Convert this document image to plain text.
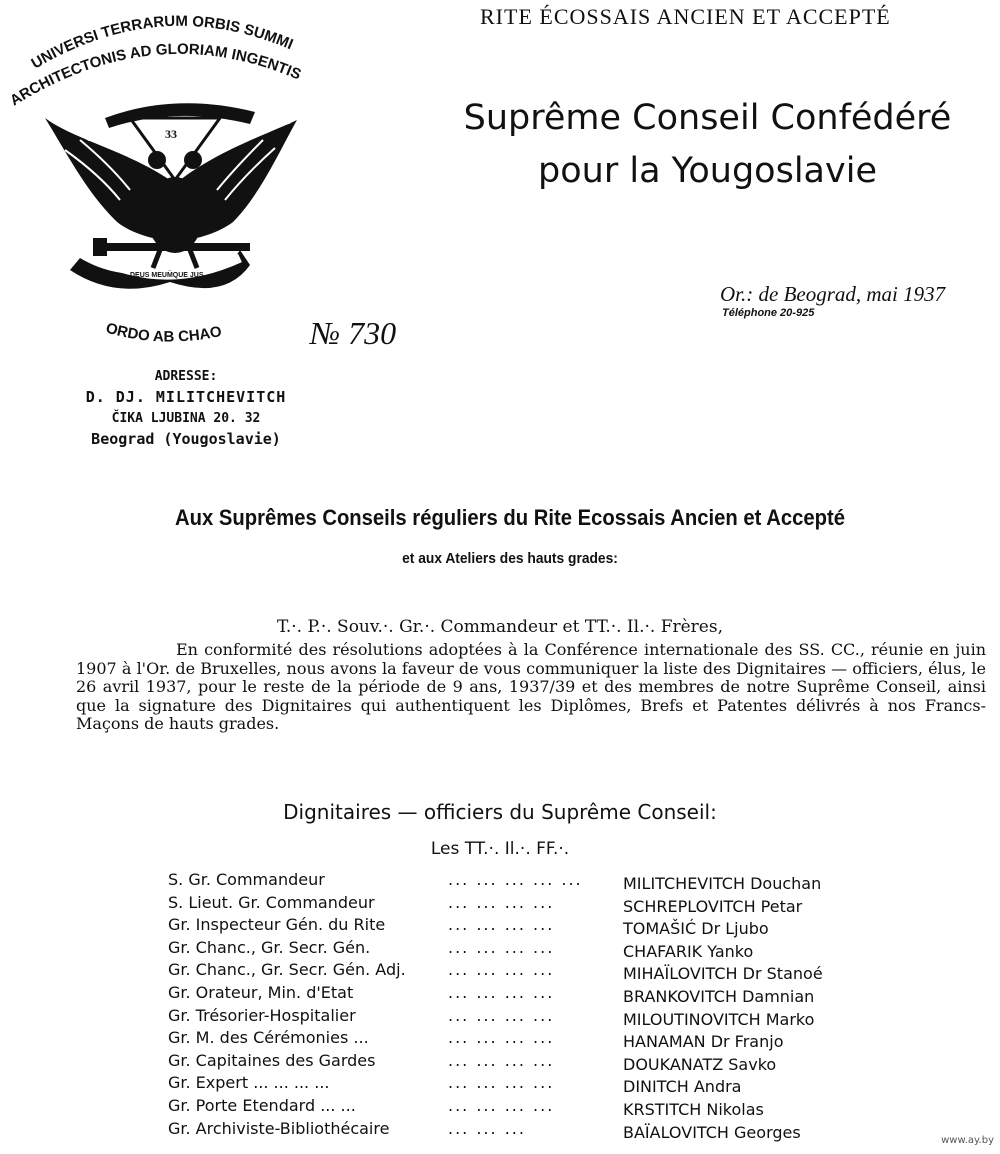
UNIVERSI TERRARUM ORBIS SUMMI
ARCHITECTONIS AD GLORIAM INGENTIS
33
DEUS MEUMQUE JUS
ORDO AB CHAO
RITE ÉCOSSAIS ANCIEN ET ACCEPTÉ
Suprême Conseil Confédéré
pour la Yougoslavie
Or.: de Beograd, mai 1937
Téléphone 20-925
№ 730
ADRESSE:
D. DJ. MILITCHEVITCH
ČIKA LJUBINA 20. 32
Beograd (Yougoslavie)
Aux Suprêmes Conseils réguliers du Rite Ecossais Ancien et Accepté
et aux Ateliers des hauts grades:
T.·. P.·. Souv.·. Gr.·. Commandeur et TT.·. Il.·. Frères,
En conformité des résolutions adoptées à la Conférence internationale des SS. CC., réunie en juin 1907 à l'Or. de Bruxelles, nous avons la faveur de vous communiquer la liste des Dignitaires — officiers, élus, le 26 avril 1937, pour le reste de la période de 9 ans, 1937/39 et des membres de notre Suprême Conseil, ainsi que la signature des Dignitaires qui authentiquent les Diplômes, Brefs et Patentes délivrés à nos Francs-Maçons de hauts grades.
Dignitaires — officiers du Suprême Conseil:
Les TT.·. Il.·. FF.·.
S. Gr. Commandeur	... ... ... ... ...	MILITCHEVITCH Douchan
S. Lieut. Gr. Commandeur	... ... ... ...	SCHREPLOVITCH Petar
Gr. Inspecteur Gén. du Rite	... ... ... ...	TOMAŠIĆ Dr Ljubo
Gr. Chanc., Gr. Secr. Gén.	... ... ... ...	CHAFARIK Yanko
Gr. Chanc., Gr. Secr. Gén. Adj.	... ... ... ...	MIHAÏLOVITCH Dr Stanoé
Gr. Orateur, Min. d'Etat	... ... ... ...	BRANKOVITCH Damnian
Gr. Trésorier-Hospitalier	... ... ... ...	MILOUTINOVITCH Marko
Gr. M. des Cérémonies ...	... ... ... ...	HANAMAN Dr Franjo
Gr. Capitaines des Gardes	... ... ... ...	DOUKANATZ Savko
Gr. Expert ... ... ... ...	... ... ... ...	DINITCH Andra
Gr. Porte Etendard ... ...	... ... ... ...	KRSTITCH Nikolas
Gr. Archiviste-Bibliothécaire	... ... ...	BAÏALOVITCH Georges	www.ay.by
